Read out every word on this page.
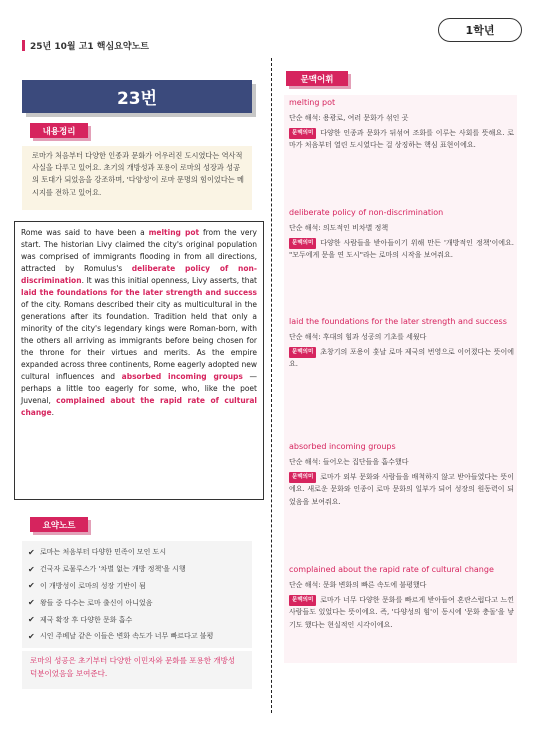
25년 10월 고1 핵심요약노트
1학년
23번
내용정리
로마가 처음부터 다양한 인종과 문화가 어우러진 도시였다는 역사적 사실을 다루고 있어요. 초기의 개방성과 포용이 로마의 성장과 성공의 토대가 되었음을 강조하며, '다양성'이 로마 문명의 힘이었다는 메시지를 전하고 있어요.
Rome was said to have been a melting pot from the very start. The historian Livy claimed the city's original population was comprised of immigrants flooding in from all directions, attracted by Romulus's deliberate policy of non-discrimination. It was this initial openness, Livy asserts, that laid the foundations for the later strength and success of the city. Romans described their city as multicultural in the generations after its foundation. Tradition held that only a minority of the city's legendary kings were Roman-born, with the others all arriving as immigrants before being chosen for the throne for their virtues and merits. As the empire expanded across three continents, Rome eagerly adopted new cultural influences and absorbed incoming groups — perhaps a little too eagerly for some, who, like the poet Juvenal, complained about the rapid rate of cultural change.
요약노트
✔ 로마는 처음부터 다양한 민족이 모인 도시
✔ 건국자 로물루스가 '차별 없는 개방 정책'을 시행
✔ 이 개방성이 로마의 성장 기반이 됨
✔ 왕들 중 다수는 로마 출신이 아니었음
✔ 제국 확장 후 다양한 문화 흡수
✔ 시인 주베날 같은 이들은 변화 속도가 너무 빠르다고 불평
로마의 성공은 초기부터 다양한 이민자와 문화를 포용한 개방성 덕분이었음을 보여준다.
문맥어휘
melting pot
단순 해석: 용광로, 여러 문화가 섞인 곳
문맥의미 다양한 인종과 문화가 뒤섞여 조화를 이루는 사회를 뜻해요. 로마가 처음부터 열린 도시였다는 걸 상징하는 핵심 표현이에요.
deliberate policy of non-discrimination
단순 해석: 의도적인 비차별 정책
문맥의미 다양한 사람들을 받아들이기 위해 만든 '개방적인 정책'이에요. "모두에게 문을 연 도시"라는 로마의 시작을 보여줘요.
laid the foundations for the later strength and success
단순 해석: 후대의 힘과 성공의 기초를 세웠다
문맥의미 초창기의 포용이 훗날 로마 제국의 번영으로 이어졌다는 뜻이에요.
absorbed incoming groups
단순 해석: 들어오는 집단들을 흡수했다
문맥의미 로마가 외부 문화와 사람들을 배척하지 않고 받아들였다는 뜻이에요. 새로운 문화와 인종이 로마 문화의 일부가 되어 성장의 원동력이 되었음을 보여줘요.
complained about the rapid rate of cultural change
단순 해석: 문화 변화의 빠른 속도에 불평했다
문맥의미 로마가 너무 다양한 문화를 빠르게 받아들여 혼란스럽다고 느낀 사람들도 있었다는 뜻이에요. 즉, '다양성의 힘'이 동시에 '문화 충돌'을 낳기도 했다는 현실적인 시각이에요.
